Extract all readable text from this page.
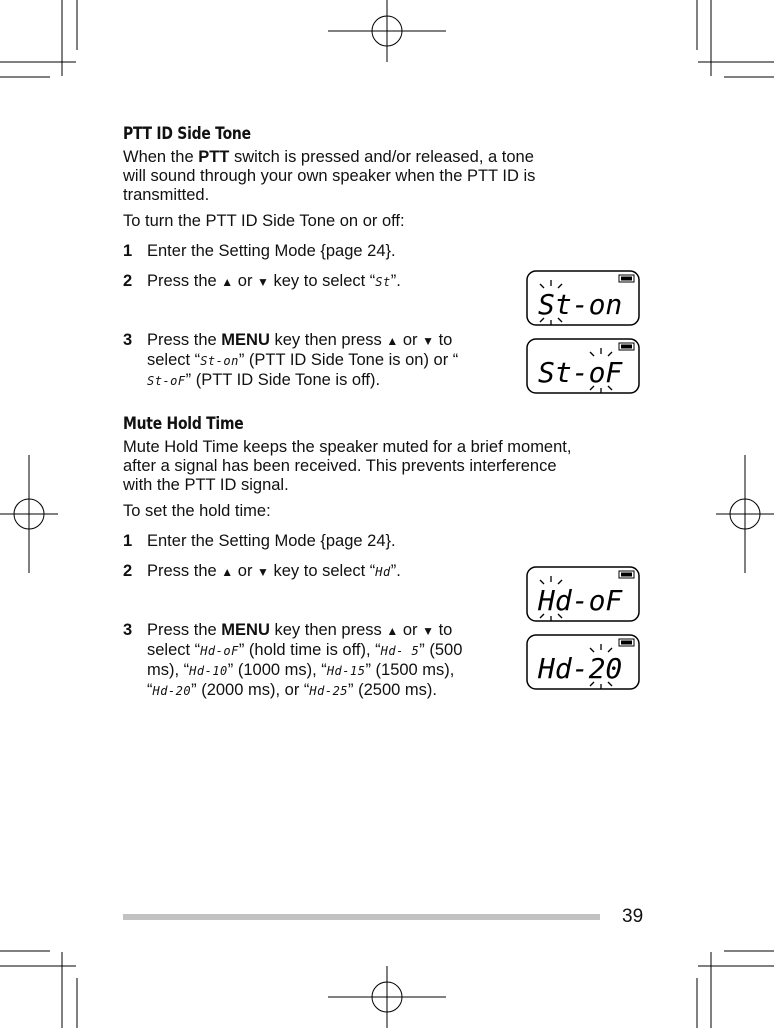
PTT ID Side Tone

When the PTT switch is pressed and/or released, a tone

will sound through your own speaker when the PTT ID is

transmitted.

To turn the PTT ID Side Tone on or off:

1 Enter the Setting Mode {page 24}.
2 Press the ▲ or ▼ key to select “St”.
3 Press the MENU key then press ▲ or ▼ to
select “St-on” (PTT ID Side Tone is on) or “
St-oF” (PTT ID Side Tone is off).
Mute Hold Time

Mute Hold Time keeps the speaker muted for a brief moment,

after a signal has been received. This prevents interference

with the PTT ID signal.

To set the hold time:

1 Enter the Setting Mode {page 24}.
2 Press the ▲ or ▼ key to select “Hd”.
3 Press the MENU key then press ▲ or ▼ to
select “Hd-oF” (hold time is off), “Hd- 5” (500
ms), “Hd-10” (1000 ms), “Hd-15” (1500 ms),
“Hd-20” (2000 ms), or “Hd-25” (2500 ms).
St-on
St-oF
Hd-oF
Hd-20
39
